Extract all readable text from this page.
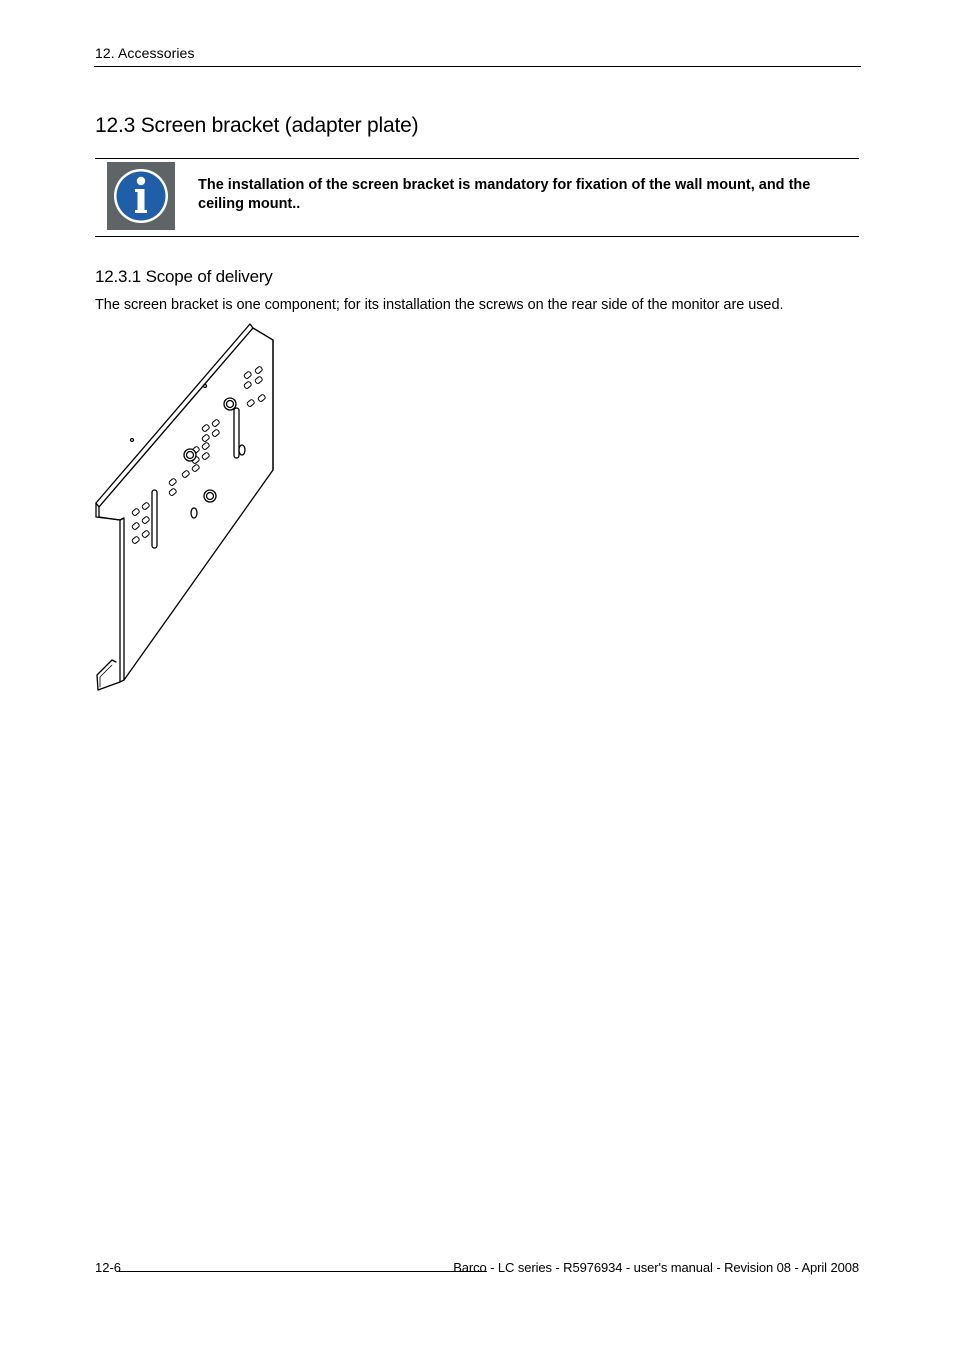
12. Accessories
12.3 Screen bracket (adapter plate)
The installation of the screen bracket is mandatory for fixation of the wall mount, and the ceiling mount..
12.3.1 Scope of delivery

The screen bracket is one component; for its installation the screws on the rear side of the monitor are used.

12-6	Barco - LC series - R5976934 - user's manual - Revision 08 - April 2008
